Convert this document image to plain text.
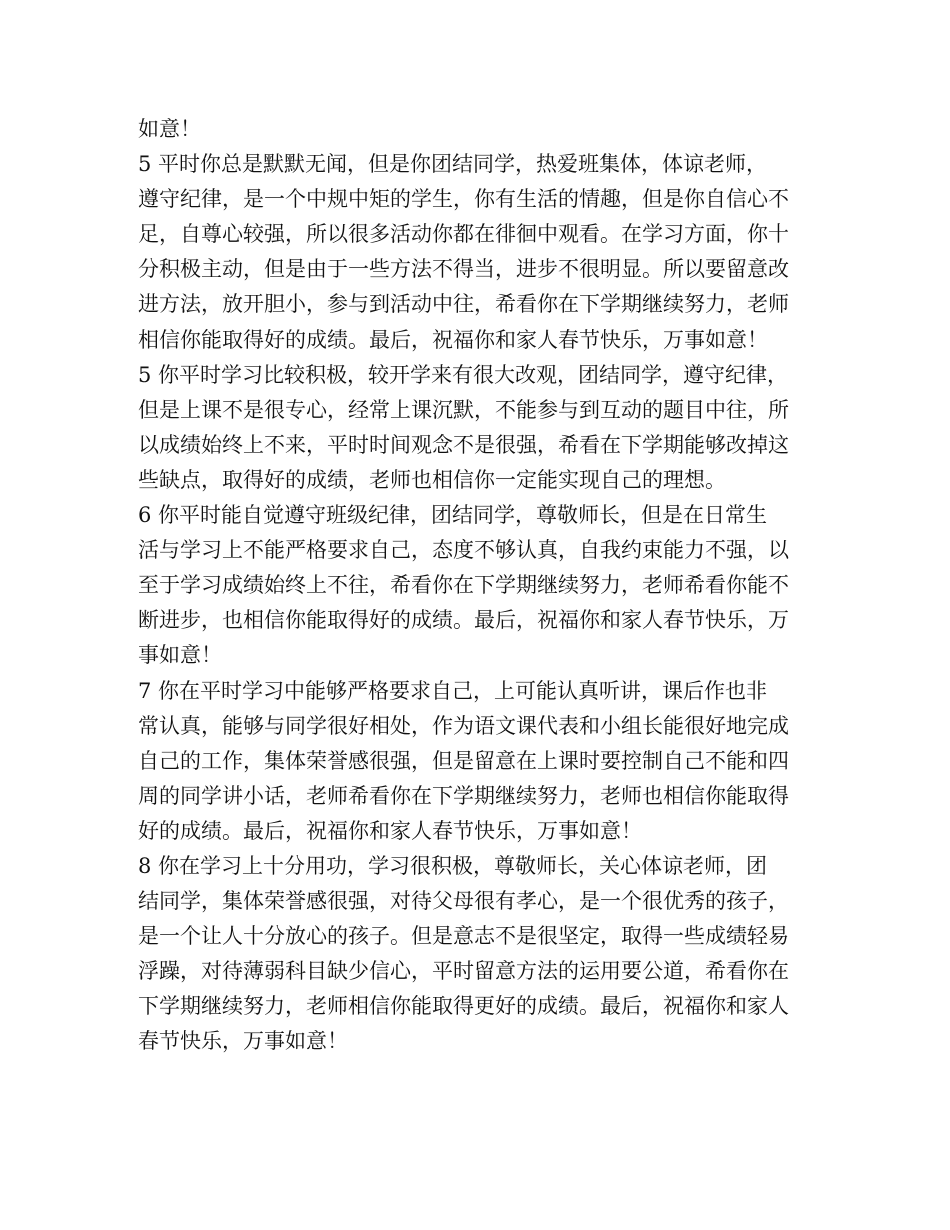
如意！
5 平时你总是默默无闻，但是你团结同学，热爱班集体，体谅老师，
遵守纪律，是一个中规中矩的学生，你有生活的情趣，但是你自信心不
足，自尊心较强，所以很多活动你都在徘徊中观看。在学习方面，你十
分积极主动，但是由于一些方法不得当，进步不很明显。所以要留意改
进方法，放开胆小，参与到活动中往，希看你在下学期继续努力，老师
相信你能取得好的成绩。最后，祝福你和家人春节快乐，万事如意！
5 你平时学习比较积极，较开学来有很大改观，团结同学，遵守纪律，
但是上课不是很专心，经常上课沉默，不能参与到互动的题目中往，所
以成绩始终上不来，平时时间观念不是很强，希看在下学期能够改掉这
些缺点，取得好的成绩，老师也相信你一定能实现自己的理想。
6 你平时能自觉遵守班级纪律，团结同学，尊敬师长，但是在日常生
活与学习上不能严格要求自己，态度不够认真，自我约束能力不强，以
至于学习成绩始终上不往，希看你在下学期继续努力，老师希看你能不
断进步，也相信你能取得好的成绩。最后，祝福你和家人春节快乐，万
事如意！
7 你在平时学习中能够严格要求自己，上可能认真听讲，课后作也非
常认真，能够与同学很好相处，作为语文课代表和小组长能很好地完成
自己的工作，集体荣誉感很强，但是留意在上课时要控制自己不能和四
周的同学讲小话，老师希看你在下学期继续努力，老师也相信你能取得
好的成绩。最后，祝福你和家人春节快乐，万事如意！
8 你在学习上十分用功，学习很积极，尊敬师长，关心体谅老师，团
结同学，集体荣誉感很强，对待父母很有孝心，是一个很优秀的孩子，
是一个让人十分放心的孩子。但是意志不是很坚定，取得一些成绩轻易
浮躁，对待薄弱科目缺少信心，平时留意方法的运用要公道，希看你在
下学期继续努力，老师相信你能取得更好的成绩。最后，祝福你和家人
春节快乐，万事如意！
